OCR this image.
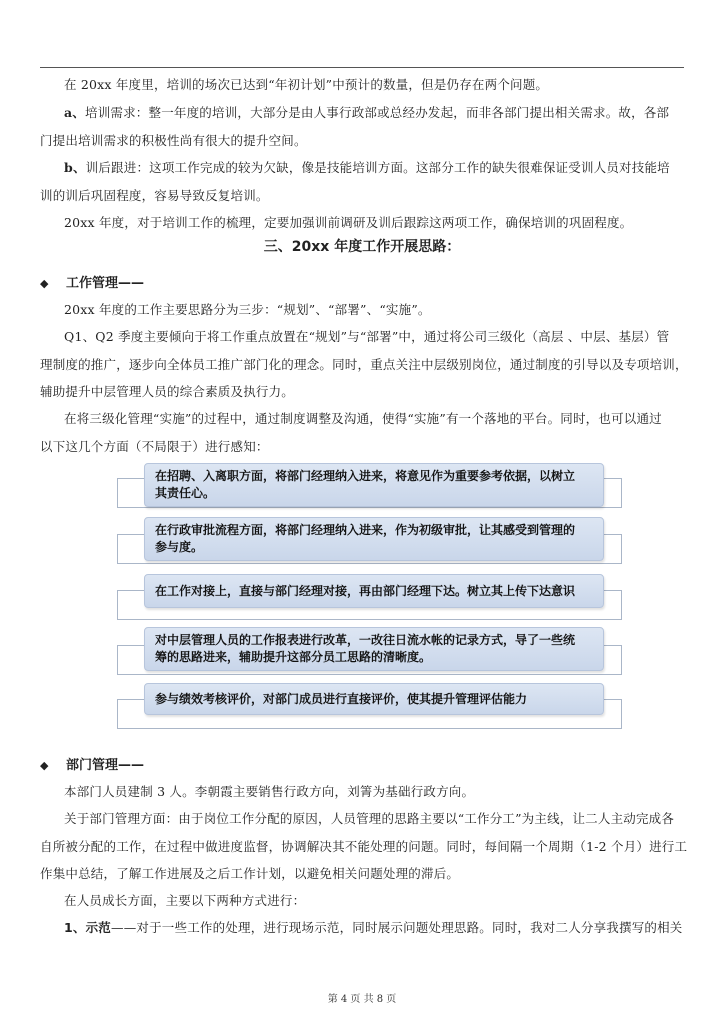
在 20xx 年度里，培训的场次已达到“年初计划”中预计的数量，但是仍存在两个问题。

a、培训需求：整一年度的培训，大部分是由人事行政部或总经办发起，而非各部门提出相关需求。故，各部
门提出培训需求的积极性尚有很大的提升空间。

b、训后跟进：这项工作完成的较为欠缺，像是技能培训方面。这部分工作的缺失很难保证受训人员对技能培
训的训后巩固程度，容易导致反复培训。

20xx 年度，对于培训工作的梳理，定要加强训前调研及训后跟踪这两项工作，确保培训的巩固程度。

三、20xx 年度工作开展思路：
◆ 工作管理——

20xx 年度的工作主要思路分为三步：“规划”、“部署”、“实施”。

Q1、Q2 季度主要倾向于将工作重点放置在“规划”与“部署”中，通过将公司三级化（高层 、中层、基层）管
理制度的推广，逐步向全体员工推广部门化的理念。同时，重点关注中层级别岗位，通过制度的引导以及专项培训，
辅助提升中层管理人员的综合素质及执行力。

在将三级化管理“实施”的过程中，通过制度调整及沟通，使得“实施”有一个落地的平台。同时，也可以通过
以下这几个方面（不局限于）进行感知：

在招聘、入离职方面，将部门经理纳入进来，将意见作为重要参考依据，以树立
其责任心。
在行政审批流程方面，将部门经理纳入进来，作为初级审批，让其感受到管理的
参与度。
在工作对接上，直接与部门经理对接，再由部门经理下达。树立其上传下达意识
对中层管理人员的工作报表进行改革，一改往日流水帐的记录方式，导了一些统
筹的思路进来，辅助提升这部分员工思路的清晰度。
参与绩效考核评价，对部门成员进行直接评价，使其提升管理评估能力
◆ 部门管理——

本部门人员建制 3 人。李朝霞主要销售行政方向，刘箐为基础行政方向。

关于部门管理方面：由于岗位工作分配的原因，人员管理的思路主要以“工作分工”为主线，让二人主动完成各
自所被分配的工作，在过程中做进度监督，协调解决其不能处理的问题。同时，每间隔一个周期（1-2 个月）进行工
作集中总结，了解工作进展及之后工作计划，以避免相关问题处理的滞后。

在人员成长方面，主要以下两种方式进行：

1、示范——对于一些工作的处理，进行现场示范，同时展示问题处理思路。同时，我对二人分享我撰写的相关

第 4 页 共 8 页
